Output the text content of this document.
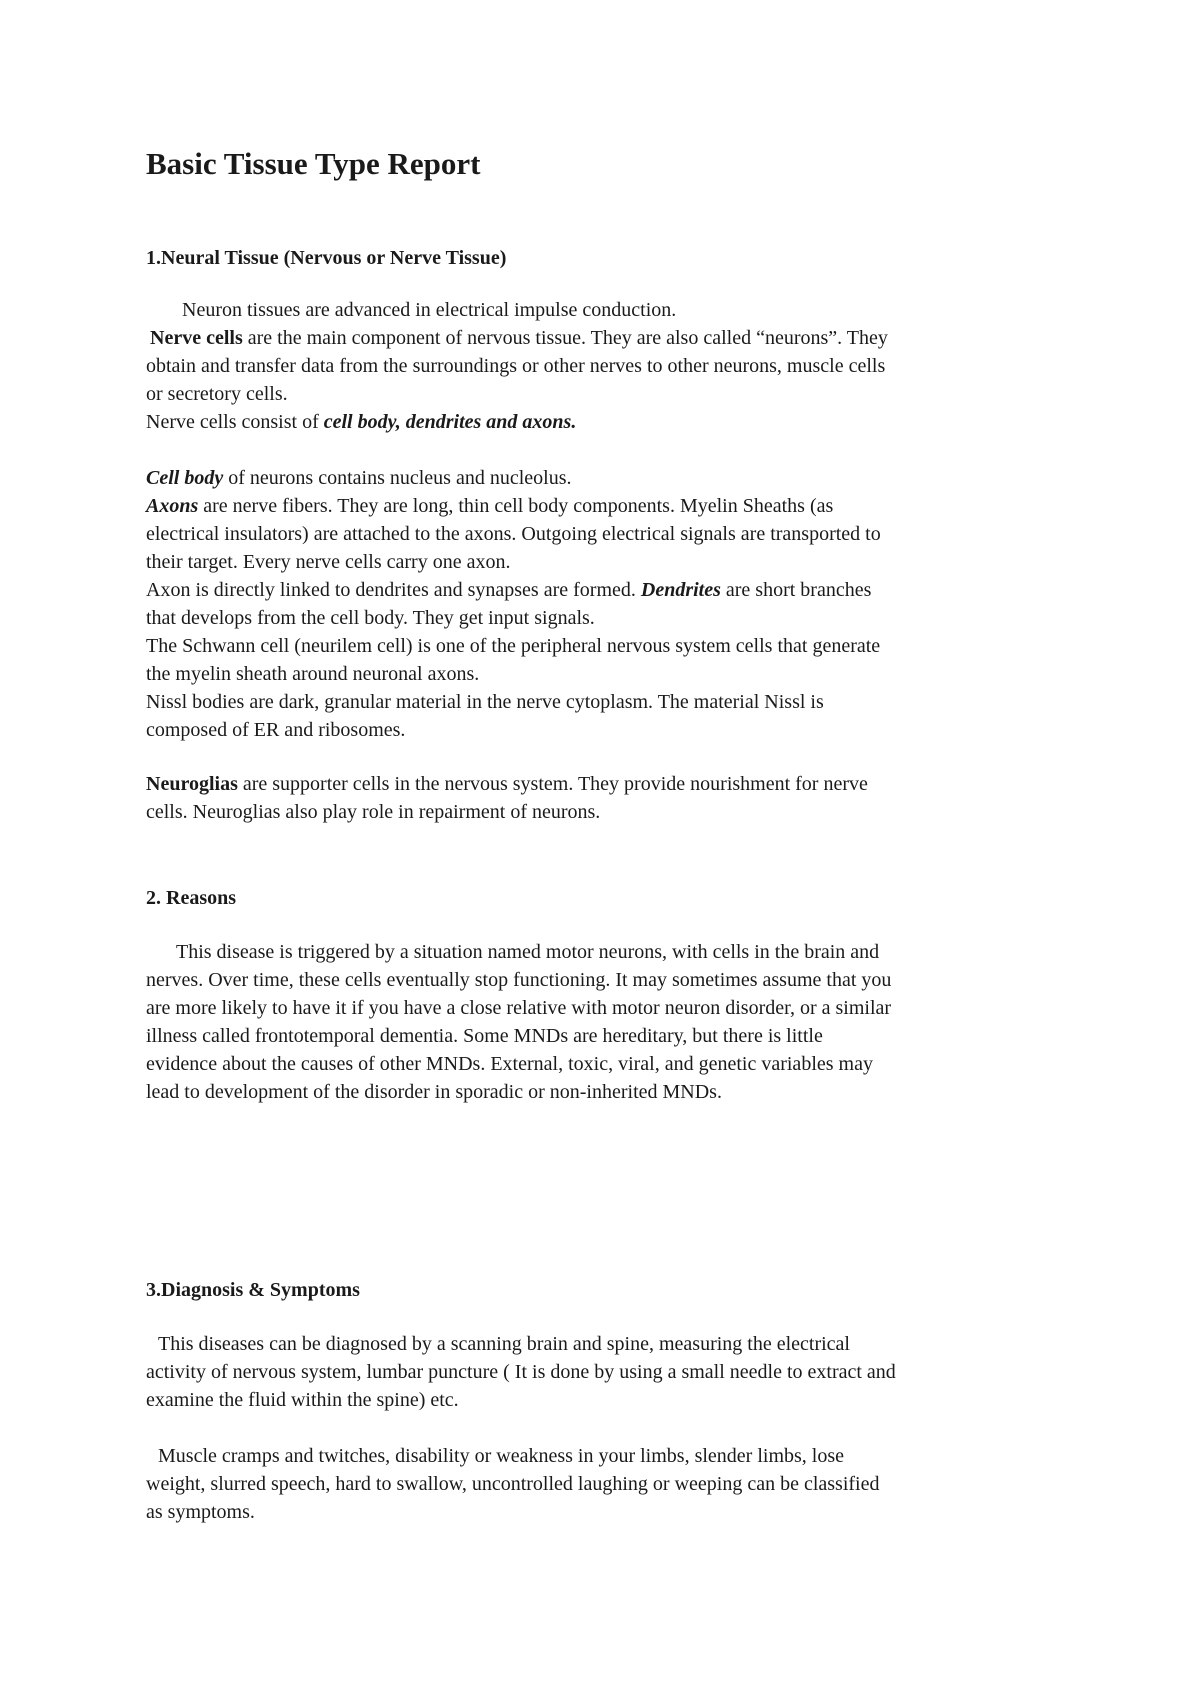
Basic Tissue Type Report
1.Neural Tissue (Nervous or Nerve Tissue)
Neuron tissues are advanced in electrical impulse conduction.
Nerve cells are the main component of nervous tissue. They are also called “neurons”. They
obtain and transfer data from the surroundings or other nerves to other neurons, muscle cells
or secretory cells.
Nerve cells consist of cell body, dendrites and axons.
Cell body of neurons contains nucleus and nucleolus.
Axons are nerve fibers. They are long, thin cell body components. Myelin Sheaths (as
electrical insulators) are attached to the axons. Outgoing electrical signals are transported to
their target. Every nerve cells carry one axon.
Axon is directly linked to dendrites and synapses are formed. Dendrites are short branches
that develops from the cell body. They get input signals.
The Schwann cell (neurilem cell) is one of the peripheral nervous system cells that generate
the myelin sheath around neuronal axons.
Nissl bodies are dark, granular material in the nerve cytoplasm. The material Nissl is
composed of ER and ribosomes.
Neuroglias are supporter cells in the nervous system. They provide nourishment for nerve
cells. Neuroglias also play role in repairment of neurons.
2. Reasons
This disease is triggered by a situation named motor neurons, with cells in the brain and
nerves. Over time, these cells eventually stop functioning. It may sometimes assume that you
are more likely to have it if you have a close relative with motor neuron disorder, or a similar
illness called frontotemporal dementia. Some MNDs are hereditary, but there is little
evidence about the causes of other MNDs. External, toxic, viral, and genetic variables may
lead to development of the disorder in sporadic or non-inherited MNDs.
3.Diagnosis & Symptoms
This diseases can be diagnosed by a scanning brain and spine, measuring the electrical
activity of nervous system, lumbar puncture ( It is done by using a small needle to extract and
examine the fluid within the spine) etc.
Muscle cramps and twitches, disability or weakness in your limbs, slender limbs, lose
weight, slurred speech, hard to swallow, uncontrolled laughing or weeping can be classified
as symptoms.
